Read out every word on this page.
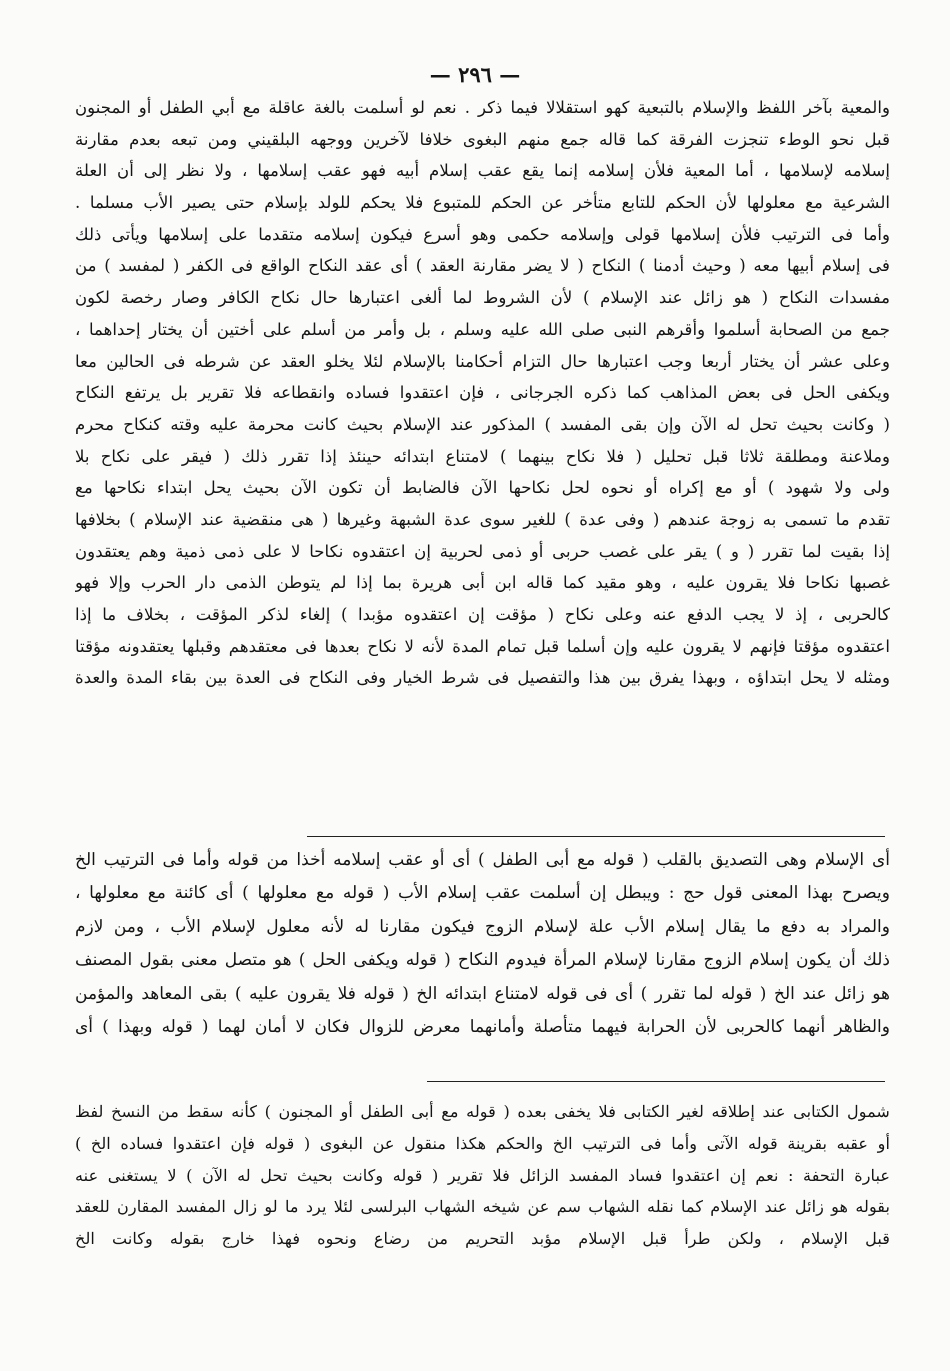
— ٢٩٦ —
والمعية بآخر اللفظ والإسلام بالتبعية كهو استقلالا فيما ذكر . نعم لو أسلمت بالغة عاقلة مع أبي الطفل أو المجنون
قبل نحو الوطء تنجزت الفرقة كما قاله جمع منهم البغوى خلافا لآخرين ووجهه البلقيني ومن تبعه بعدم مقارنة
إسلامه لإسلامها ، أما المعية فلأن إسلامه إنما يقع عقب إسلام أبيه فهو عقب إسلامها ، ولا نظر إلى أن العلة
الشرعية مع معلولها لأن الحكم للتابع متأخر عن الحكم للمتبوع فلا يحكم للولد بإسلام حتى يصير الأب مسلما .
وأما فى الترتيب فلأن إسلامها قولى وإسلامه حكمى وهو أسرع فيكون إسلامه متقدما على إسلامها ويأتى ذلك
فى إسلام أبيها معه ( وحيث أدمنا ) النكاح ( لا يضر مقارنة العقد ) أى عقد النكاح الواقع فى الكفر ( لمفسد ) من
مفسدات النكاح ( هو زائل عند الإسلام ) لأن الشروط لما ألغى اعتبارها حال نكاح الكافر وصار رخصة لكون
جمع من الصحابة أسلموا وأقرهم النبى صلى الله عليه وسلم ، بل وأمر من أسلم على أختين أن يختار إحداهما ،
وعلى عشر أن يختار أربعا وجب اعتبارها حال التزام أحكامنا بالإسلام لئلا يخلو العقد عن شرطه فى الحالين معا
ويكفى الحل فى بعض المذاهب كما ذكره الجرجانى ، فإن اعتقدوا فساده وانقطاعه فلا تقرير بل يرتفع النكاح
( وكانت بحيث تحل له الآن وإن بقى المفسد ) المذكور عند الإسلام بحيث كانت محرمة عليه وقته كنكاح محرم
وملاعنة ومطلقة ثلاثا قبل تحليل ( فلا نكاح بينهما ) لامتناع ابتدائه حينئذ إذا تقرر ذلك ( فيقر على نكاح بلا
ولى ولا شهود ) أو مع إكراه أو نحوه لحل نكاحها الآن فالضابط أن تكون الآن بحيث يحل ابتداء نكاحها مع
تقدم ما تسمى به زوجة عندهم ( وفى عدة ) للغير سوى عدة الشبهة وغيرها ( هى منقضية عند الإسلام ) بخلافها
إذا بقيت لما تقرر ( و ) يقر على غصب حربى أو ذمى لحربية إن اعتقدوه نكاحا لا على ذمى ذمية وهم يعتقدون
غصبها نكاحا فلا يقرون عليه ، وهو مقيد كما قاله ابن أبى هريرة بما إذا لم يتوطن الذمى دار الحرب وإلا فهو
كالحربى ، إذ لا يجب الدفع عنه وعلى نكاح ( مؤقت إن اعتقدوه مؤبدا ) إلغاء لذكر المؤقت ، بخلاف ما إذا
اعتقدوه مؤقتا فإنهم لا يقرون عليه وإن أسلما قبل تمام المدة لأنه لا نكاح بعدها فى معتقدهم وقبلها يعتقدونه مؤقتا
ومثله لا يحل ابتداؤه ، وبهذا يفرق بين هذا والتفصيل فى شرط الخيار وفى النكاح فى العدة بين بقاء المدة والعدة
أى الإسلام وهى التصديق بالقلب ( قوله مع أبى الطفل ) أى أو عقب إسلامه أخذا من قوله وأما فى الترتيب الخ
ويصرح بهذا المعنى قول حج : ويبطل إن أسلمت عقب إسلام الأب ( قوله مع معلولها ) أى كائنة مع معلولها ،
والمراد به دفع ما يقال إسلام الأب علة لإسلام الزوج فيكون مقارنا له لأنه معلول لإسلام الأب ، ومن لازم
ذلك أن يكون إسلام الزوج مقارنا لإسلام المرأة فيدوم النكاح ( قوله ويكفى الحل ) هو متصل معنى بقول المصنف
هو زائل عند الخ ( قوله لما تقرر ) أى فى قوله لامتناع ابتدائه الخ ( قوله فلا يقرون عليه ) بقى المعاهد والمؤمن
والظاهر أنهما كالحربى لأن الحرابة فيهما متأصلة وأمانهما معرض للزوال فكان لا أمان لهما ( قوله وبهذا ) أى
شمول الكتابى عند إطلاقه لغير الكتابى فلا يخفى بعده ( قوله مع أبى الطفل أو المجنون ) كأنه سقط من النسخ لفظ
أو عقبه بقرينة قوله الآتى وأما فى الترتيب الخ والحكم هكذا منقول عن البغوى ( قوله فإن اعتقدوا فساده الخ )
عبارة التحفة : نعم إن اعتقدوا فساد المفسد الزائل فلا تقرير ( قوله وكانت بحيث تحل له الآن ) لا يستغنى عنه
بقوله هو زائل عند الإسلام كما نقله الشهاب سم عن شيخه الشهاب البرلسى لئلا يرد ما لو زال المفسد المقارن للعقد
قبل الإسلام ، ولكن طرأ قبل الإسلام مؤبد التحريم من رضاع ونحوه فهذا خارج بقوله وكانت الخ
